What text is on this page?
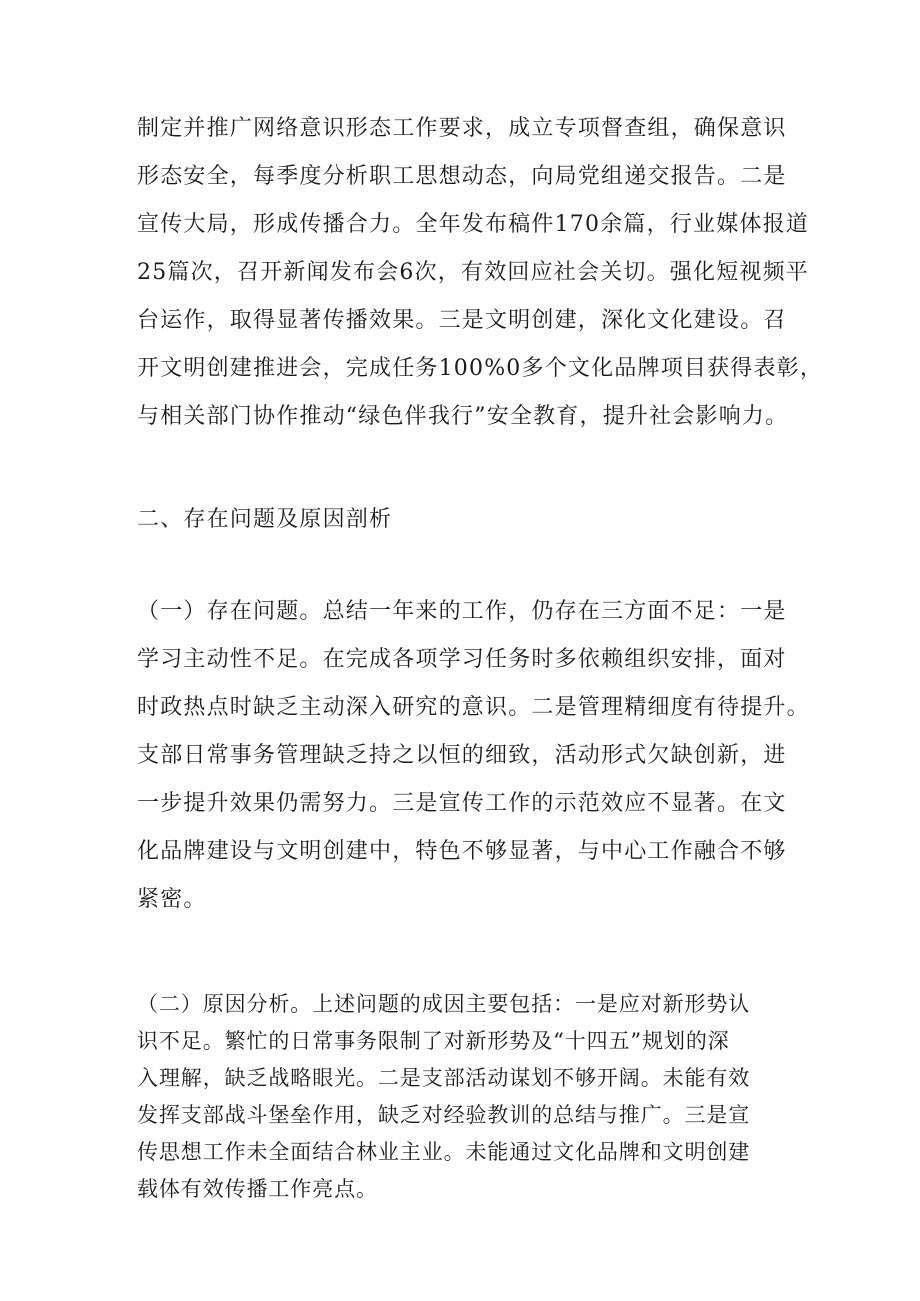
制定并推广网络意识形态工作要求，成立专项督查组，确保意识
形态安全，每季度分析职工思想动态，向局党组递交报告。二是
宣传大局，形成传播合力。全年发布稿件170余篇，行业媒体报道
25篇次，召开新闻发布会6次，有效回应社会关切。强化短视频平
台运作，取得显著传播效果。三是文明创建，深化文化建设。召
开文明创建推进会，完成任务100%0多个文化品牌项目获得表彰，
与相关部门协作推动“绿色伴我行”安全教育，提升社会影响力。
二、存在问题及原因剖析
（一）存在问题。总结一年来的工作，仍存在三方面不足：一是
学习主动性不足。在完成各项学习任务时多依赖组织安排，面对
时政热点时缺乏主动深入研究的意识。二是管理精细度有待提升。
支部日常事务管理缺乏持之以恒的细致，活动形式欠缺创新，进
一步提升效果仍需努力。三是宣传工作的示范效应不显著。在文
化品牌建设与文明创建中，特色不够显著，与中心工作融合不够
紧密。
（二）原因分析。上述问题的成因主要包括：一是应对新形势认
识不足。繁忙的日常事务限制了对新形势及“十四五”规划的深
入理解，缺乏战略眼光。二是支部活动谋划不够开阔。未能有效
发挥支部战斗堡垒作用，缺乏对经验教训的总结与推广。三是宣
传思想工作未全面结合林业主业。未能通过文化品牌和文明创建
载体有效传播工作亮点。
